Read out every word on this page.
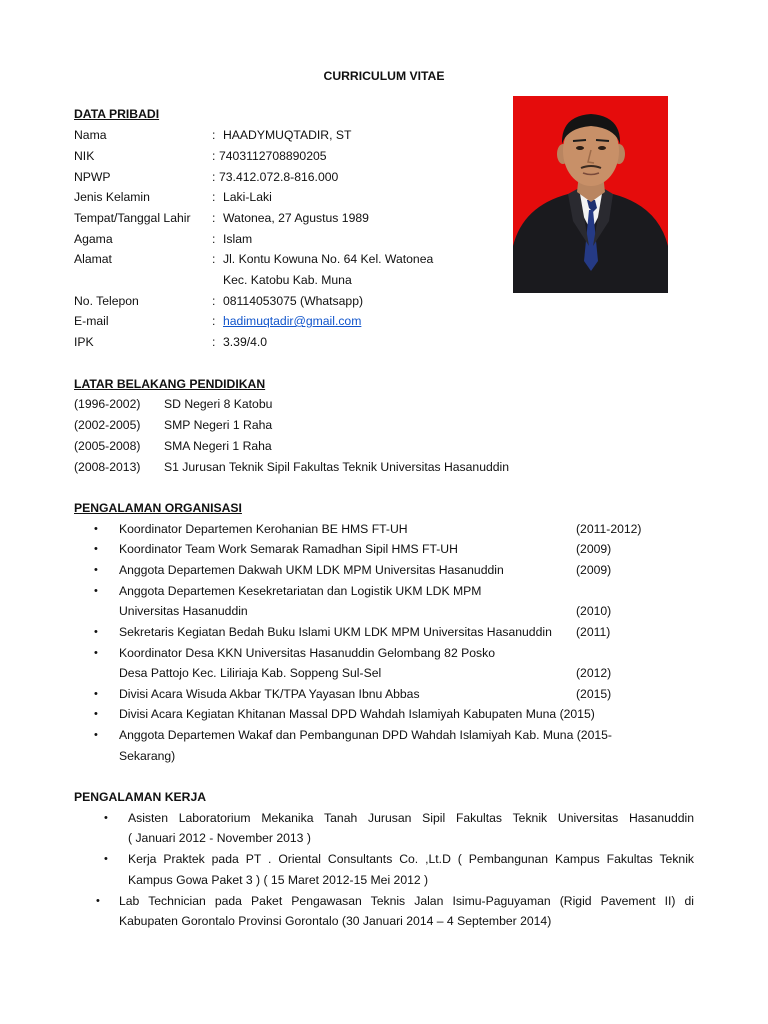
CURRICULUM VITAE
DATA PRIBADI
Nama	: HAADYMUQTADIR, ST
NIK	: 7403112708890205
NPWP	: 73.412.072.8-816.000
Jenis Kelamin	: Laki-Laki
Tempat/Tanggal Lahir : Watonea, 27 Agustus 1989
Agama	: Islam
Alamat	: Jl. Kontu Kowuna No. 64 Kel. Watonea
Kec. Katobu Kab. Muna
No. Telepon	: 08114053075 (Whatsapp)
E-mail	: hadimuqtadir@gmail.com
IPK	: 3.39/4.0
LATAR BELAKANG PENDIDIKAN
(1996-2002) SD Negeri 8 Katobu
(2002-2005) SMP Negeri 1 Raha
(2005-2008) SMA Negeri 1 Raha
(2008-2013) S1 Jurusan Teknik Sipil Fakultas Teknik Universitas Hasanuddin
PENGALAMAN ORGANISASI
• Koordinator Departemen Kerohanian BE HMS FT-UH	(2011-2012)
• Koordinator Team Work Semarak Ramadhan Sipil HMS FT-UH	(2009)
• Anggota Departemen Dakwah UKM LDK MPM Universitas Hasanuddin	(2009)
• Anggota Departemen Kesekretariatan dan Logistik UKM LDK MPM
Universitas Hasanuddin	(2010)
• Sekretaris Kegiatan Bedah Buku Islami UKM LDK MPM Universitas Hasanuddin (2011)
• Koordinator Desa KKN Universitas Hasanuddin Gelombang 82 Posko
Desa Pattojo Kec. Liliriaja Kab. Soppeng Sul-Sel	(2012)
• Divisi Acara Wisuda Akbar TK/TPA Yayasan Ibnu Abbas	(2015)
• Divisi Acara Kegiatan Khitanan Massal DPD Wahdah Islamiyah Kabupaten Muna (2015)
• Anggota Departemen Wakaf dan Pembangunan DPD Wahdah Islamiyah Kab. Muna (2015-
Sekarang)
PENGALAMAN KERJA
• Asisten Laboratorium Mekanika Tanah Jurusan Sipil Fakultas Teknik Universitas Hasanuddin
( Januari 2012 - November 2013 )
• Kerja Praktek pada PT . Oriental Consultants Co. ,Lt.D ( Pembangunan Kampus Fakultas Teknik
Kampus Gowa Paket 3 ) ( 15 Maret 2012-15 Mei 2012 )
• Lab Technician pada Paket Pengawasan Teknis Jalan Isimu-Paguyaman (Rigid Pavement II) di
Kabupaten Gorontalo Provinsi Gorontalo (30 Januari 2014 – 4 September 2014)
